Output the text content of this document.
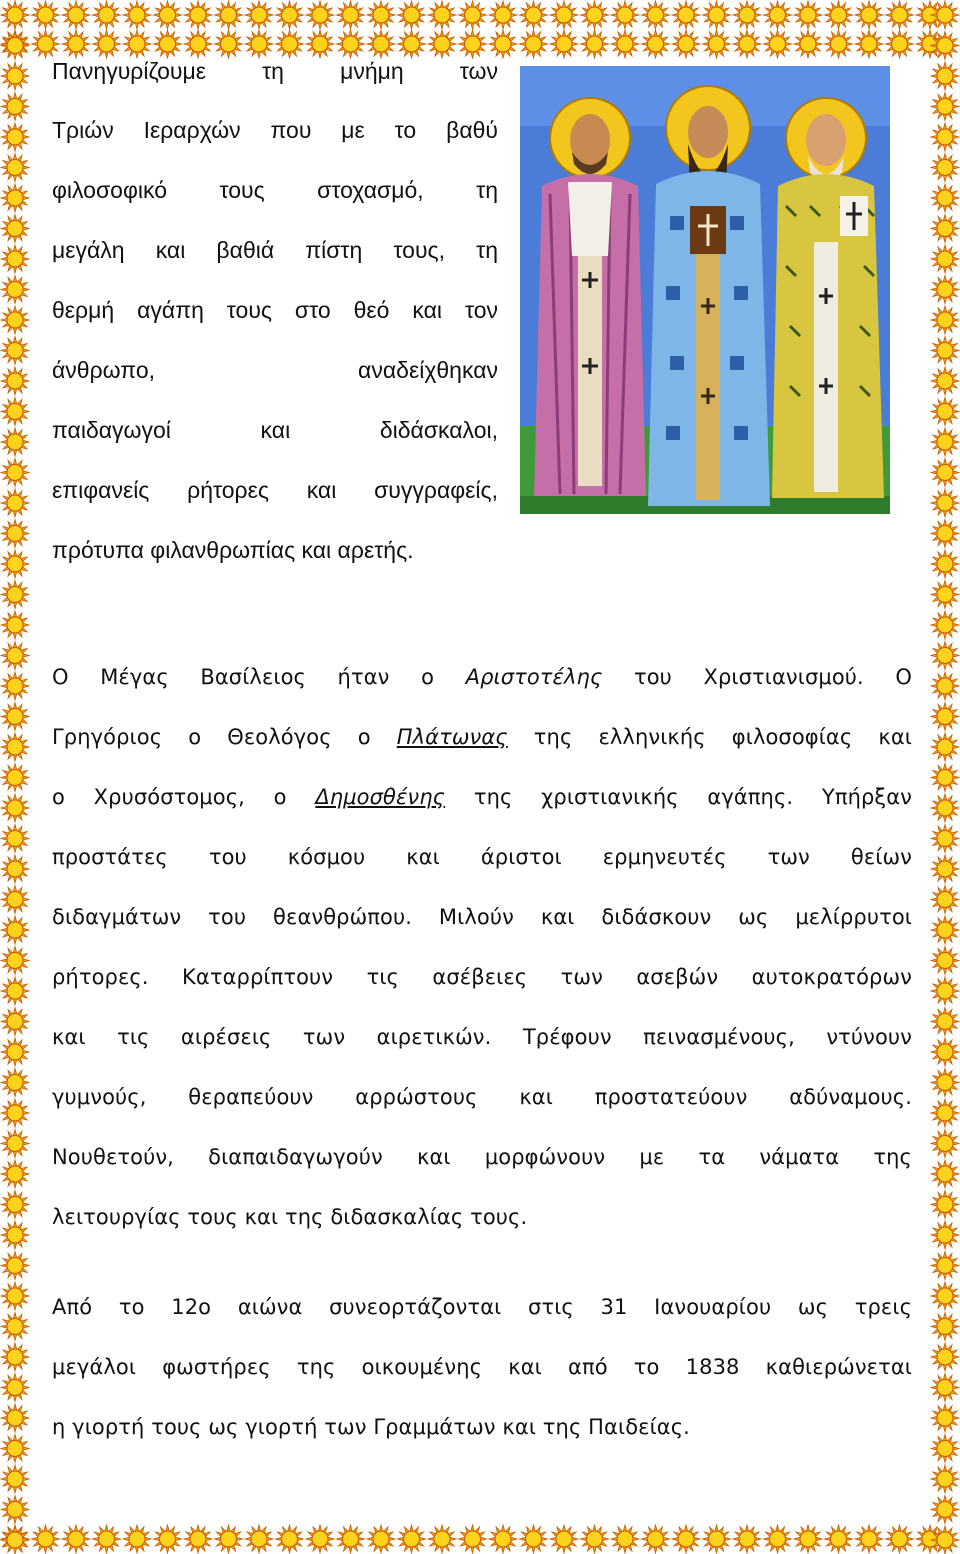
Πανηγυρίζουμε τη μνήμη των
Τριών Ιεραρχών που με το βαθύ
φιλοσοφικό τους στοχασμό, τη
μεγάλη και βαθιά πίστη τους, τη
θερμή αγάπη τους στο θεό και τον
άνθρωπο, αναδείχθηκαν
παιδαγωγοί και διδάσκαλοι,
επιφανείς ρήτορες και συγγραφείς,
πρότυπα φιλανθρωπίας και αρετής.
Ο Μέγας Βασίλειος ήταν ο Αριστοτέλης του Χριστιανισμού. Ο
Γρηγόριος ο Θεολόγος ο Πλάτωνας της ελληνικής φιλοσοφίας και
ο Χρυσόστομος, ο Δημοσθένης της χριστιανικής αγάπης. Υπήρξαν
προστάτες του κόσμου και άριστοι ερμηνευτές των θείων
διδαγμάτων του θεανθρώπου. Μιλούν και διδάσκουν ως μελίρρυτοι
ρήτορες. Καταρρίπτουν τις ασέβειες των ασεβών αυτοκρατόρων
και τις αιρέσεις των αιρετικών. Τρέφουν πεινασμένους, ντύνουν
γυμνούς, θεραπεύουν αρρώστους και προστατεύουν αδύναμους.
Νουθετούν, διαπαιδαγωγούν και μορφώνουν με τα νάματα της
λειτουργίας τους και της διδασκαλίας τους.
Από το 12ο αιώνα συνεορτάζονται στις 31 Ιανουαρίου ως τρεις
μεγάλοι φωστήρες της οικουμένης και από το 1838 καθιερώνεται
η γιορτή τους ως γιορτή των Γραμμάτων και της Παιδείας.
